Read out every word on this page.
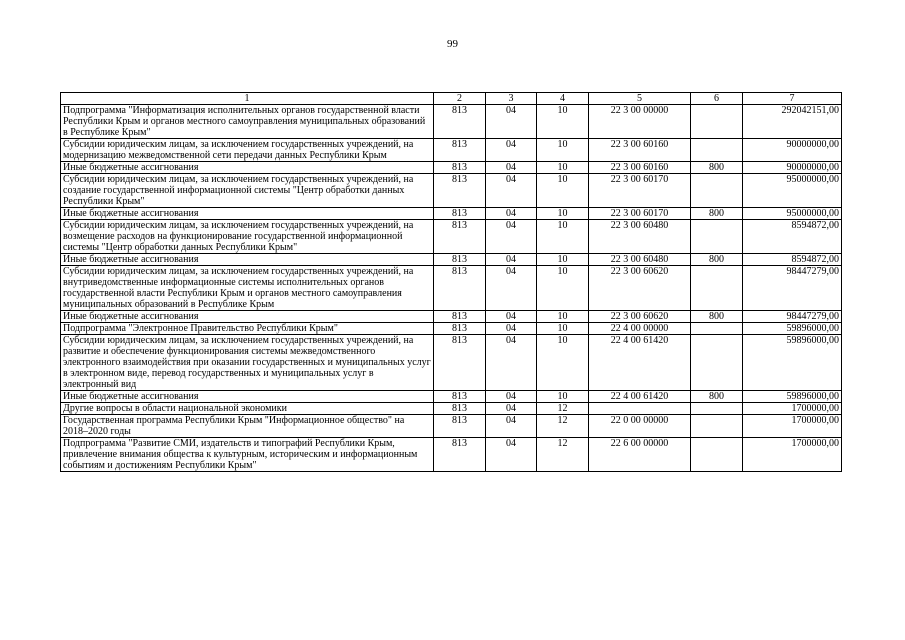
99
1	2	3	4	5	6	7
Подпрограмма "Информатизация исполнительных органов государственной власти Республики Крым и органов местного самоуправления муниципальных образований в Республике Крым"	813	04	10	22 3 00 00000		292042151,00
Субсидии юридическим лицам, за исключением государственных учреждений, на модернизацию межведомственной сети передачи данных Республики Крым	813	04	10	22 3 00 60160		90000000,00
Иные бюджетные ассигнования	813	04	10	22 3 00 60160	800	90000000,00
Субсидии юридическим лицам, за исключением государственных учреждений, на создание государственной информационной системы "Центр обработки данных Республики Крым"	813	04	10	22 3 00 60170		95000000,00
Иные бюджетные ассигнования	813	04	10	22 3 00 60170	800	95000000,00
Субсидии юридическим лицам, за исключением государственных учреждений, на возмещение расходов на функционирование государственной информационной системы "Центр обработки данных Республики Крым"	813	04	10	22 3 00 60480		8594872,00
Иные бюджетные ассигнования	813	04	10	22 3 00 60480	800	8594872,00
Субсидии юридическим лицам, за исключением государственных учреждений, на внутриведомственные информационные системы исполнительных органов государственной власти Республики Крым и органов местного самоуправления муниципальных образований в Республике Крым	813	04	10	22 3 00 60620		98447279,00
Иные бюджетные ассигнования	813	04	10	22 3 00 60620	800	98447279,00
Подпрограмма "Электронное Правительство Республики Крым"	813	04	10	22 4 00 00000		59896000,00
Субсидии юридическим лицам, за исключением государственных учреждений, на развитие и обеспечение функционирования системы межведомственного электронного взаимодействия при оказании государственных и муниципальных услуг в электронном виде, перевод государственных и муниципальных услуг в электронный вид	813	04	10	22 4 00 61420		59896000,00
Иные бюджетные ассигнования	813	04	10	22 4 00 61420	800	59896000,00
Другие вопросы в области национальной экономики	813	04	12			1700000,00
Государственная программа Республики Крым "Информационное общество" на 2018–2020 годы	813	04	12	22 0 00 00000		1700000,00
Подпрограмма "Развитие СМИ, издательств и типографий Республики Крым, привлечение внимания общества к культурным, историческим и информационным событиям и достижениям Республики Крым"	813	04	12	22 6 00 00000		1700000,00
